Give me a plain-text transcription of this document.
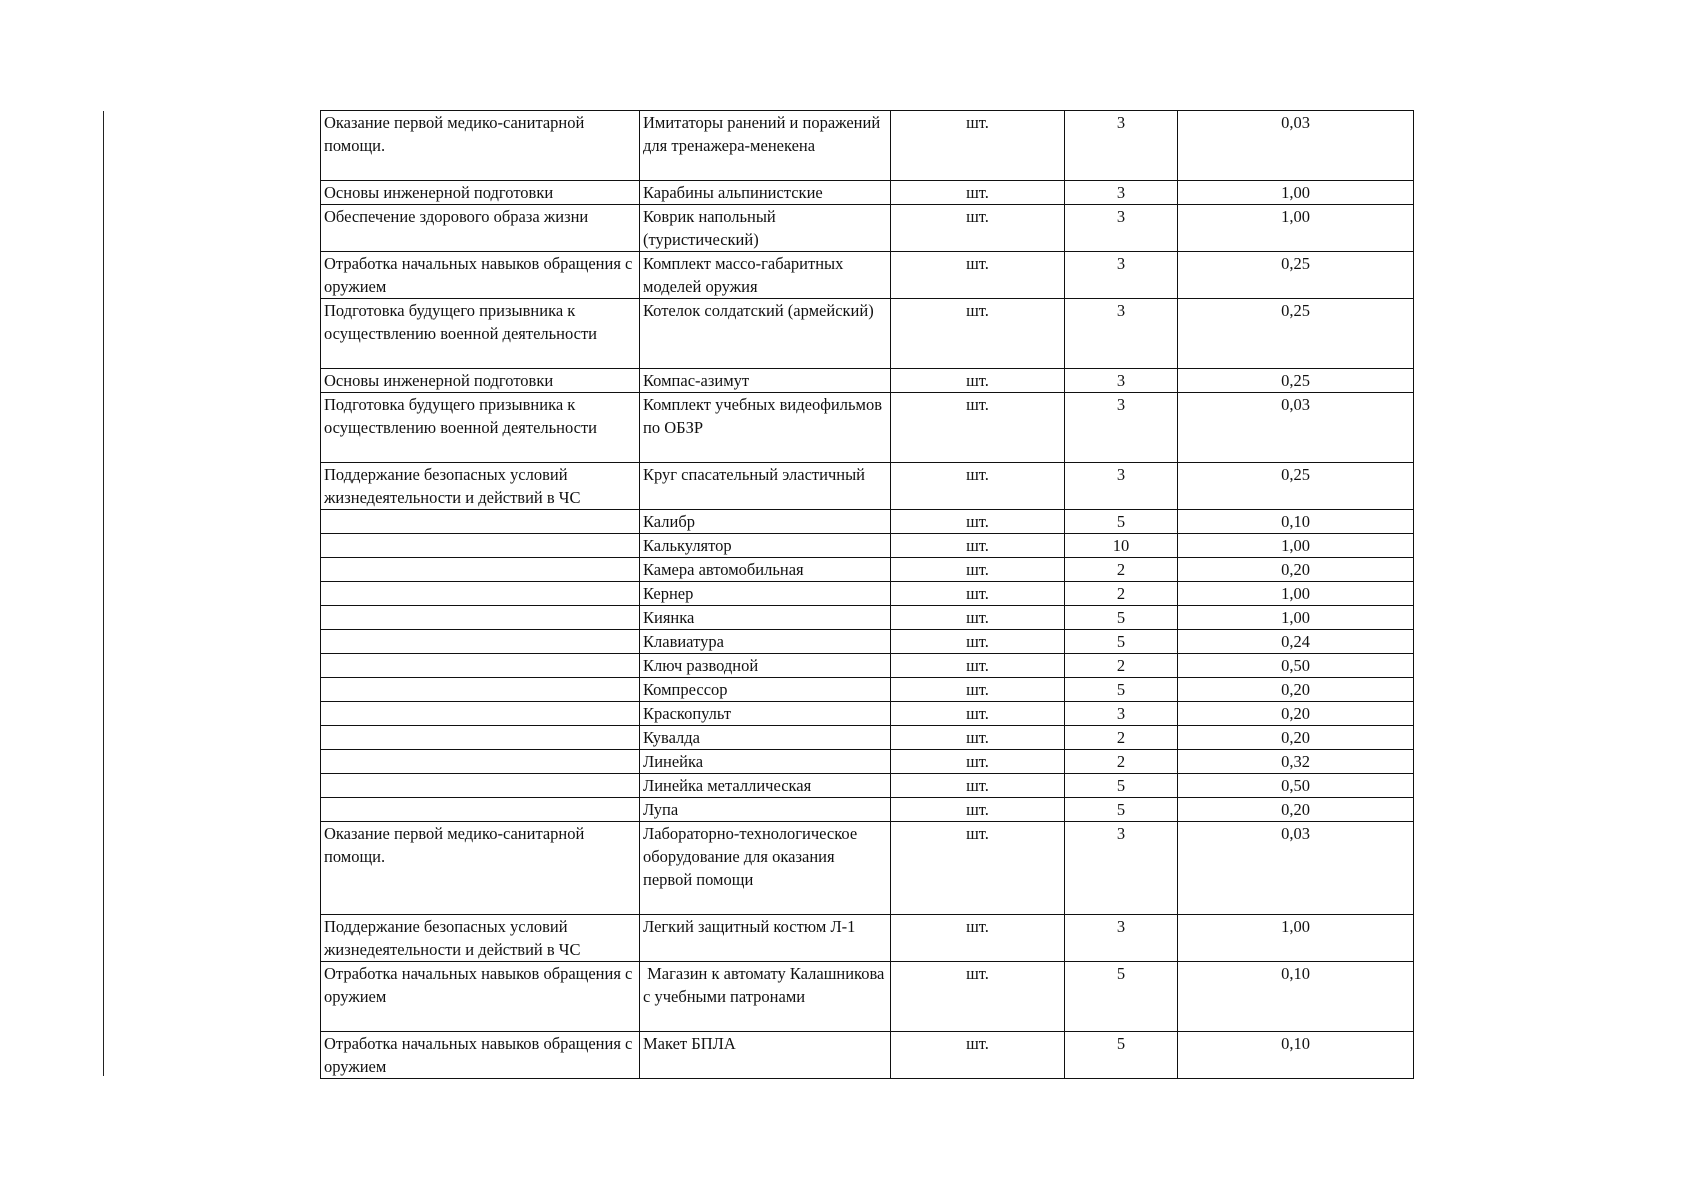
Оказание первой медико-санитарной помощи.	Имитаторы ранений и поражений для тренажера-менекена	шт.	3	0,03
Основы инженерной подготовки	Карабины альпинистские	шт.	3	1,00
Обеспечение здорового образа жизни	Коврик напольный (туристический)	шт.	3	1,00
Отработка начальных навыков обращения с оружием	Комплект массо-габаритных моделей оружия	шт.	3	0,25
Подготовка будущего призывника к осуществлению военной деятельности	Котелок солдатский (армейский)	шт.	3	0,25
Основы инженерной подготовки	Компас-азимут	шт.	3	0,25
Подготовка будущего призывника к осуществлению военной деятельности	Комплект учебных видеофильмов по ОБЗР	шт.	3	0,03
Поддержание безопасных условий жизнедеятельности и действий в ЧС	Круг спасательный эластичный	шт.	3	0,25
	Калибр	шт.	5	0,10
	Калькулятор	шт.	10	1,00
	Камера автомобильная	шт.	2	0,20
	Кернер	шт.	2	1,00
	Киянка	шт.	5	1,00
	Клавиатура	шт.	5	0,24
	Ключ разводной	шт.	2	0,50
	Компрессор	шт.	5	0,20
	Краскопульт	шт.	3	0,20
	Кувалда	шт.	2	0,20
	Линейка	шт.	2	0,32
	Линейка металлическая	шт.	5	0,50
	Лупа	шт.	5	0,20
Оказание первой медико-санитарной помощи.	Лабораторно-технологическое оборудование для оказания первой помощи	шт.	3	0,03
Поддержание безопасных условий жизнедеятельности и действий в ЧС	Легкий защитный костюм Л-1	шт.	3	1,00
Отработка начальных навыков обращения с оружием	Магазин к автомату Калашникова с учебными патронами	шт.	5	0,10
Отработка начальных навыков обращения с оружием	Макет БПЛА	шт.	5	0,10
